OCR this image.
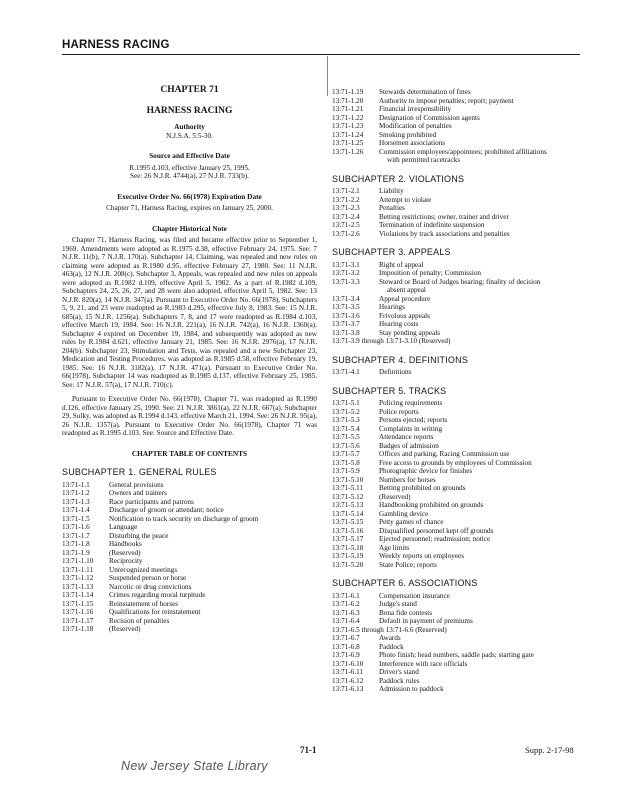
HARNESS RACING
CHAPTER 71
HARNESS RACING
Authority
N.J.S.A. 5:5-30.
Source and Effective Date
R.1995 d.103, effective January 25, 1995.
See: 26 N.J.R. 4744(a), 27 N.J.R. 733(b).
Executive Order No. 66(1978) Expiration Date
Chapter 71, Harness Racing, expires on January 25, 2000.
Chapter Historical Note
Chapter 71, Harness Racing, was filed and became effective prior to September 1, 1969. Amendments were adopted as R.1975 d.38, effective February 24, 1975. See: 7 N.J.R. 11(b), 7 N.J.R. 170(a). Subchapter 14, Claiming, was repealed and new rules on claiming were adopted as R.1980 d.95, effective February 27, 1980. See: 11 N.J.R. 463(a), 12 N.J.R. 208(c). Subchapter 3, Appeals, was repealed and new rules on appeals were adopted as R.1982 d.109, effective April 5, 1982. As a part of R.1982 d.109, Subchapters 24, 25, 26, 27, and 28 were also adopted, effective April 5, 1982. See: 13 N.J.R. 820(a), 14 N.J.R. 347(a). Pursuant to Executive Order No. 66(1978), Subchapters 5, 9, 21, and 23 were readopted as R.1983 d.295, effective July 8, 1983. See: 15 N.J.R. 685(a), 15 N.J.R. 1256(a). Subchapters 7, 8, and 17 were readopted as R.1984 d.103, effective March 19, 1984. See: 16 N.J.R. 221(a), 16 N.J.R. 742(a), 16 N.J.R. 1360(a). Subchapter 4 expired on December 19, 1984, and subsequently was adopted as new rules by R.1984 d.621, effective January 21, 1985. See: 16 N.J.R. 2976(a), 17 N.J.R. 204(b). Subchapter 23, Stimulation and Tests, was repealed and a new Subchapter 23, Medication and Testing Procedures, was adopted as R.1985 d.58, effective February 19, 1985. See: 16 N.J.R. 3182(a), 17 N.J.R. 471(a). Pursuant to Executive Order No. 66(1978), Subchapter 14 was readopted as R.1985 d.137, effective February 25, 1985. See: 17 N.J.R. 57(a), 17 N.J.R. 710(c).
Pursuant to Executive Order No. 66(1978), Chapter 71, was readopted as R.1990 d.126, effective January 25, 1990. See: 21 N.J.R. 3861(a), 22 N.J.R. 667(a). Subchapter 29, Sulky, was adopted as R.1994 d.143, effective March 21, 1994. See: 26 N.J.R. 95(a), 26 N.J.R. 1357(a). Pursuant to Executive Order No. 66(1978), Chapter 71 was readopted as R.1995 d.103. See: Source and Effective Date.
CHAPTER TABLE OF CONTENTS
SUBCHAPTER 1. GENERAL RULES
13:71-1.1	General provisions
13:71-1.2	Owners and trainers
13:71-1.3	Race participants and patrons
13:71-1.4	Discharge of groom or attendant; notice
13:71-1.5	Notification to track security on discharge of groom
13:71-1.6	Language
13:71-1.7	Disturbing the peace
13:71-1.8	Handbooks
13:71-1.9	(Reserved)
13:71-1.10	Reciprocity
13:71-1.11	Unrecognized meetings
13:71-1.12	Suspended person or horse
13:71-1.13	Narcotic or drug convictions
13:71-1.14	Crimes regarding moral turpitude
13:71-1.15	Reinstatement of horses
13:71-1.16	Qualifications for reinstatement
13:71-1.17	Recision of penalties
13:71-1.18	(Reserved)
13:71-1.19	Stewards determination of fines
13:71-1.20	Authority to impose penalties; report; payment
13:71-1.21	Financial irresponsibility
13:71-1.22	Designation of Commission agents
13:71-1.23	Modification of penalties
13:71-1.24	Smoking prohibited
13:71-1.25	Horsemen associations
13:71-1.26	Commission employees/appointees; prohibited affiliations
with permitted racetracks
SUBCHAPTER 2. VIOLATIONS
13:71-2.1	Liability
13:71-2.2	Attempt to violate
13:71-2.3	Penalties
13:71-2.4	Betting restrictions; owner, trainer and driver
13:71-2.5	Termination of indefinite suspension
13:71-2.6	Violations by track associations and penalties
SUBCHAPTER 3. APPEALS
13:71-3.1	Right of appeal
13:71-3.2	Imposition of penalty; Commission
13:71-3.3	Steward or Board of Judges hearing; finality of decision
absent appeal
13:71-3.4	Appeal procedure
13:71-3.5	Hearings
13:71-3.6	Frivolous appeals
13:71-3.7	Hearing costs
13:71-3.8	Stay pending appeals
13:71-3.9 through 13:71-3.10 (Reserved)
SUBCHAPTER 4. DEFINITIONS
13:71-4.1	Definitions
SUBCHAPTER 5. TRACKS
13:71-5.1	Policing requirements
13:71-5.2	Police reports
13:71-5.3	Persons ejected; reports
13:71-5.4	Complaints in writing
13:71-5.5	Attendance reports
13:71-5.6	Badges of admission
13:71-5.7	Offices and parking, Racing Commission use
13:71-5.8	Free access to grounds by employees of Commission
13:71-5.9	Photographic device for finishes
13:71-5.10	Numbers for horses
13:71-5.11	Betting prohibited on grounds
13:71-5.12	(Reserved)
13:71-5.13	Handbooking prohibited on grounds
13:71-5.14	Gambling device
13:71-5.15	Petty games of chance
13:71-5.16	Disqualified personnel kept off grounds
13:71-5.17	Ejected personnel; readmission; notice
13:71-5.18	Age limits
13:71-5.19	Weekly reports on employees
13:71-5.20	State Police; reports
SUBCHAPTER 6. ASSOCIATIONS
13:71-6.1	Compensation insurance
13:71-6.2	Judge's stand
13:71-6.3	Bona fide contests
13:71-6.4	Default in payment of premiums
13:71-6.5 through 13:71-6.6 (Reserved)
13:71-6.7	Awards
13:71-6.8	Paddock
13:71-6.9	Photo finish; head numbers, saddle pads; starting gate
13:71-6.10	Interference with race officials
13:71-6.11	Driver's stand
13:71-6.12	Paddock rules
13:71-6.13	Admission to paddock
71-1	Supp. 2-17-98
New Jersey State Library
